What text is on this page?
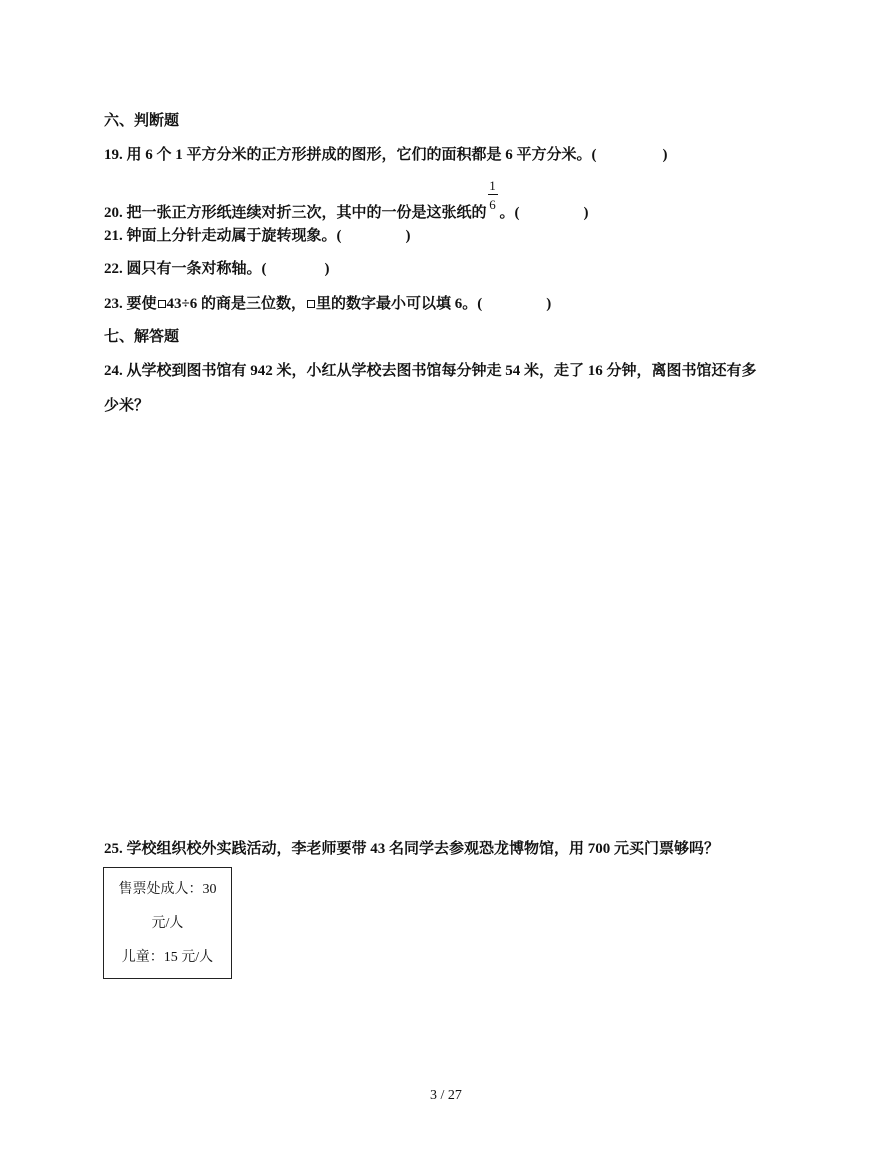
六、判断题
19. 用 6 个 1 平方分米的正方形拼成的图形，它们的面积都是 6 平方分米。(	)
20. 把一张正方形纸连续对折三次，其中的一份是这张纸的 $\frac{1}{6}$ 。(	)
21. 钟面上分针走动属于旋转现象。(	)
22. 圆只有一条对称轴。(	)
23. 要使 43÷6 的商是三位数， 里的数字最小可以填 6。(	)
七、解答题
24. 从学校到图书馆有 942 米，小红从学校去图书馆每分钟走 54 米，走了 16 分钟，离图书馆还有多
少米？
25. 学校组织校外实践活动，李老师要带 43 名同学去参观恐龙博物馆，用 700 元买门票够吗？
售票处成人：30
元/人
儿童：15 元/人
3 / 27
